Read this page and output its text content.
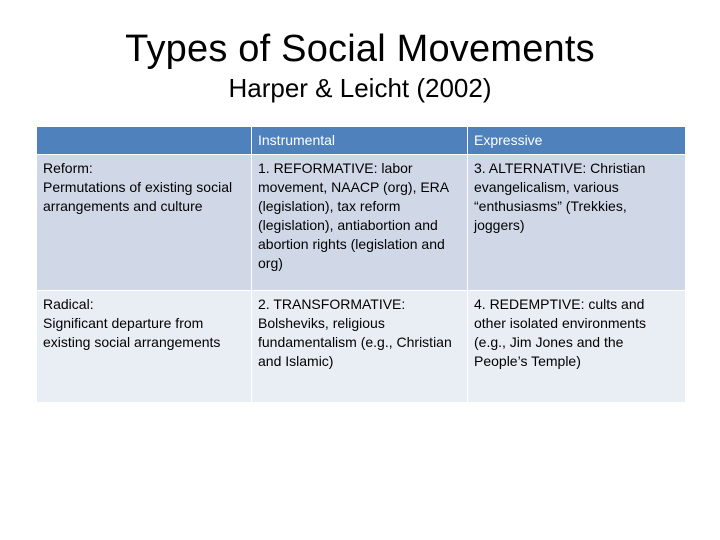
Types of Social Movements
Harper & Leicht (2002)
	Instrumental	Expressive

Reform:
Permutations of existing social arrangements and culture	1. REFORMATIVE: labor movement, NAACP (org), ERA (legislation), tax reform (legislation), antiabortion and abortion rights (legislation and org)	3. ALTERNATIVE: Christian evangelicalism, various “enthusiasms” (Trekkies, joggers)

Radical:
Significant departure from existing social arrangements	2. TRANSFORMATIVE: Bolsheviks, religious fundamentalism (e.g., Christian and Islamic)	4. REDEMPTIVE: cults and other isolated environments (e.g., Jim Jones and the People’s Temple)
